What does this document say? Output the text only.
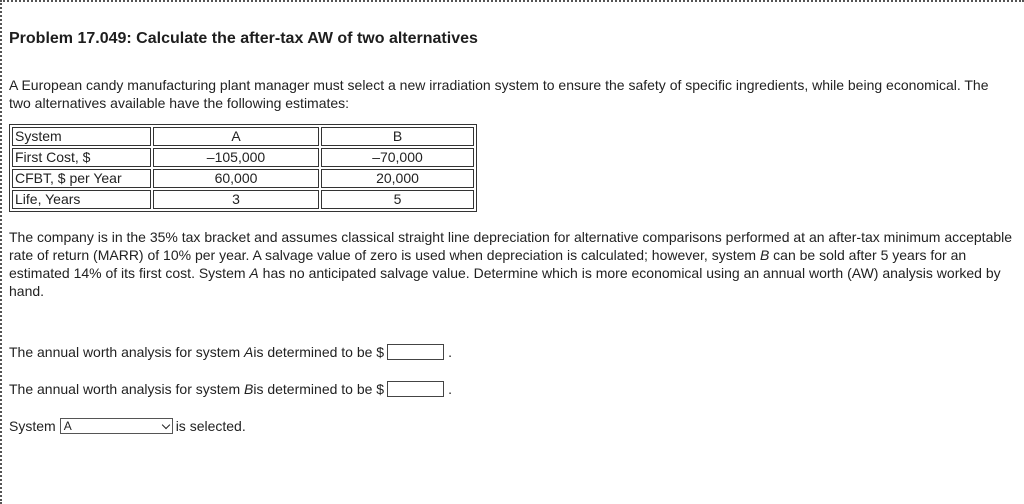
Problem 17.049: Calculate the after-tax AW of two alternatives

A European candy manufacturing plant manager must select a new irradiation system to ensure the safety of specific ingredients, while being economical. The two alternatives available have the following estimates:

System	A	B
First Cost, $	–105,000	–70,000
CFBT, $ per Year	60,000	20,000
Life, Years	3	5

The company is in the 35% tax bracket and assumes classical straight line depreciation for alternative comparisons performed at an after-tax minimum acceptable rate of return (MARR) of 10% per year. A salvage value of zero is used when depreciation is calculated; however, system B can be sold after 5 years for an estimated 14% of its first cost. System A has no anticipated salvage value. Determine which is more economical using an annual worth (AW) analysis worked by hand.

The annual worth analysis for system
A is determined to be $	.
The annual worth analysis for system
B is determined to be $	.
System A	is selected.
